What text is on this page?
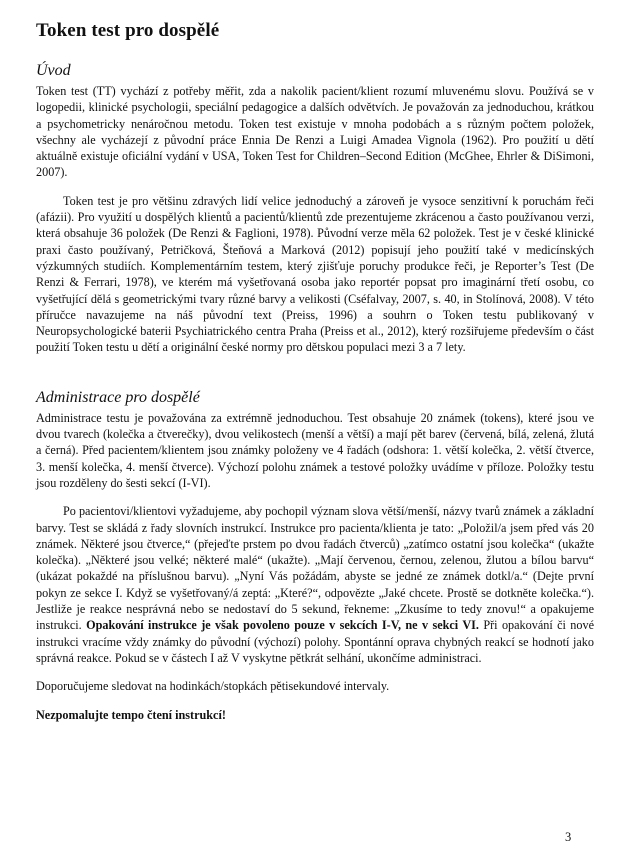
Token test pro dospělé
Úvod

Token test (TT) vychází z potřeby měřit, zda a nakolik pacient/klient rozumí mluvenému slovu. Používá se v logopedii, klinické psychologii, speciální pedagogice a dalších odvětvích. Je považován za jednoduchou, krátkou a psychometricky nenáročnou metodu. Token test existuje v mnoha podobách a s různým počtem položek, všechny ale vycházejí z původní práce Ennia De Renzi a Luigi Amadea Vignola (1962). Pro použití u dětí aktuálně existuje oficiální vydání v USA, Token Test for Children–Second Edition (McGhee, Ehrler & DiSimoni, 2007).

Token test je pro většinu zdravých lidí velice jednoduchý a zároveň je vysoce senzitivní k poruchám řeči (afázii). Pro využití u dospělých klientů a pacientů/klientů zde prezentujeme zkrácenou a často používanou verzi, která obsahuje 36 položek (De Renzi & Faglioni, 1978). Původní verze měla 62 položek. Test je v české klinické praxi často používaný, Petričková, Šteňová a Marková (2012) popisují jeho použití také v medicínských výzkumných studiích. Komplementárním testem, který zjišťuje poruchy produkce řeči, je Reporter’s Test (De Renzi & Ferrari, 1978), ve kterém má vyšetřovaná osoba jako reportér popsat pro imaginární třetí osobu, co vyšetřující dělá s geometrickými tvary různé barvy a velikosti (Cséfalvay, 2007, s. 40, in Stolínová, 2008). V této příručce navazujeme na náš původní text (Preiss, 1996) a souhrn o Token testu publikovaný v Neuropsychologické baterii Psychiatrického centra Praha (Preiss et al., 2012), který rozšiřujeme především o část použití Token testu u dětí a originální české normy pro dětskou populaci mezi 3 a 7 lety.

Administrace pro dospělé

Administrace testu je považována za extrémně jednoduchou. Test obsahuje 20 známek (tokens), které jsou ve dvou tvarech (kolečka a čtverečky), dvou velikostech (menší a větší) a mají pět barev (červená, bílá, zelená, žlutá a černá). Před pacientem/klientem jsou známky položeny ve 4 řadách (odshora: 1. větší kolečka, 2. větší čtverce, 3. menší kolečka, 4. menší čtverce). Výchozí polohu známek a testové položky uvádíme v příloze. Položky testu jsou rozděleny do šesti sekcí (I-VI).

Po pacientovi/klientovi vyžadujeme, aby pochopil význam slova větší/menší, názvy tvarů známek a základní barvy. Test se skládá z řady slovních instrukcí. Instrukce pro pacienta/klienta je tato: „Položil/a jsem před vás 20 známek. Některé jsou čtverce,“ (přejeďte prstem po dvou řadách čtverců) „zatímco ostatní jsou kolečka“ (ukažte kolečka). „Některé jsou velké; některé malé“ (ukažte). „Mají červenou, černou, zelenou, žlutou a bílou barvu“ (ukázat pokaždé na příslušnou barvu). „Nyní Vás požádám, abyste se jedné ze známek dotkl/a.“ (Dejte první pokyn ze sekce I. Když se vyšetřovaný/á zeptá: „Které?“, odpovězte „Jaké chcete. Prostě se dotkněte kolečka.“). Jestliže je reakce nesprávná nebo se nedostaví do 5 sekund, řekneme: „Zkusíme to tedy znovu!“ a opakujeme instrukci. Opakování instrukce je však povoleno pouze v sekcích I-V, ne v sekci VI. Při opakování či nové instrukci vracíme vždy známky do původní (výchozí) polohy. Spontánní oprava chybných reakcí se hodnotí jako správná reakce. Pokud se v částech I až V vyskytne pětkrát selhání, ukončíme administraci.

Doporučujeme sledovat na hodinkách/stopkách pětisekundové intervaly.

Nezpomalujte tempo čtení instrukcí!

3
